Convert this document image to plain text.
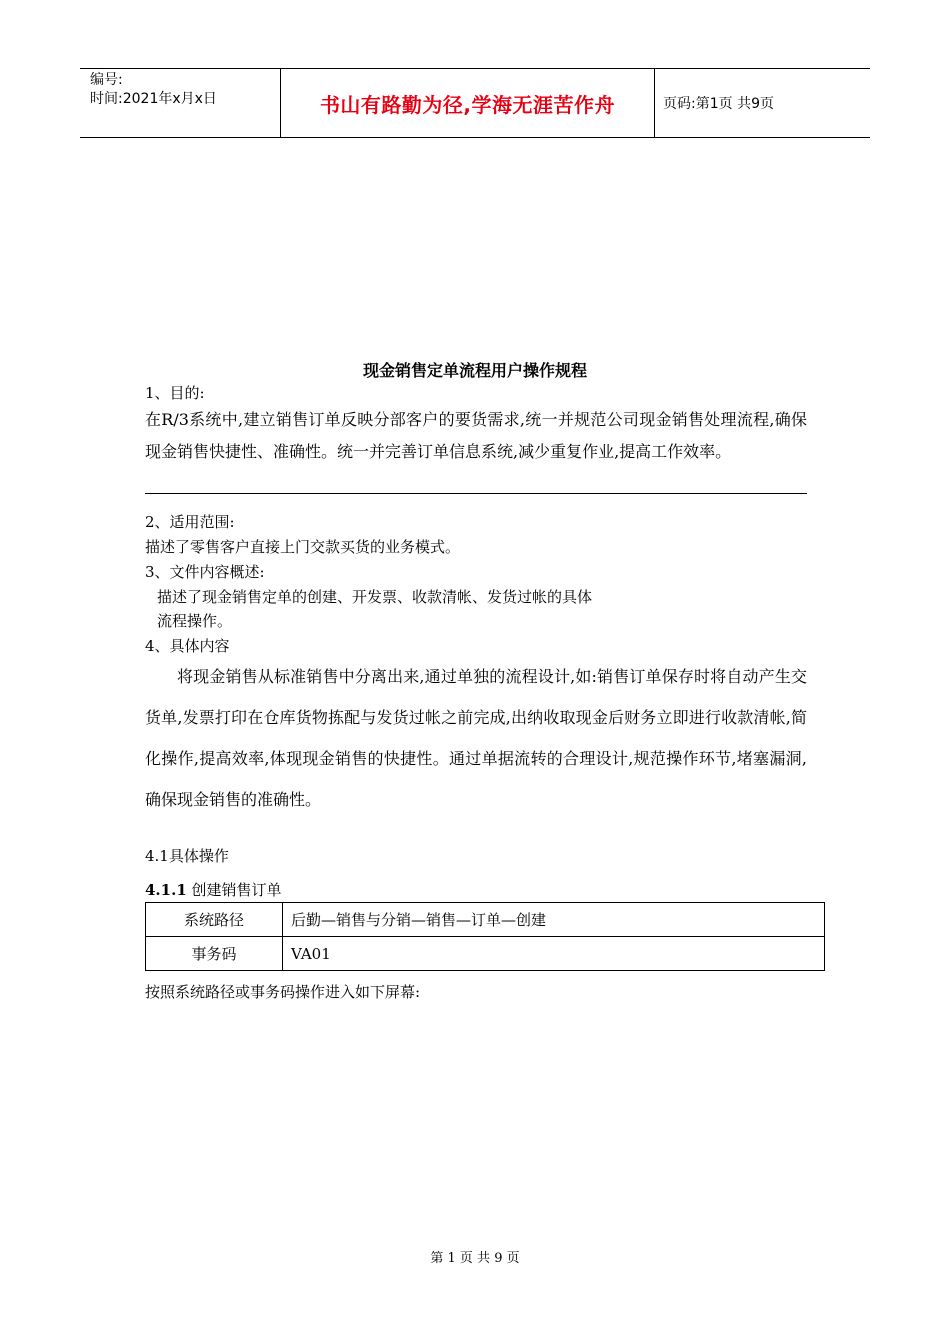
编号:
时间:2021年x月x日	书山有路勤为径,学海无涯苦作舟	页码:第1页 共9页
现金销售定单流程用户操作规程
1、目的:
在R/3系统中,建立销售订单反映分部客户的要货需求,统一并规范公司现金销售处理流程,确保现金销售快捷性、准确性。统一并完善订单信息系统,减少重复作业,提高工作效率。
2、适用范围:
描述了零售客户直接上门交款买货的业务模式。
3、文件内容概述:
描述了现金销售定单的创建、开发票、收款清帐、发货过帐的具体
流程操作。
4、具体内容
将现金销售从标准销售中分离出来,通过单独的流程设计,如:销售订单保存时将自动产生交货单,发票打印在仓库货物拣配与发货过帐之前完成,出纳收取现金后财务立即进行收款清帐,简化操作,提高效率,体现现金销售的快捷性。通过单据流转的合理设计,规范操作环节,堵塞漏洞,确保现金销售的准确性。
4.1具体操作
4.1.1 创建销售订单
系统路径	后勤—销售与分销—销售—订单—创建
事务码	VA01
按照系统路径或事务码操作进入如下屏幕:
第 1 页 共 9 页
